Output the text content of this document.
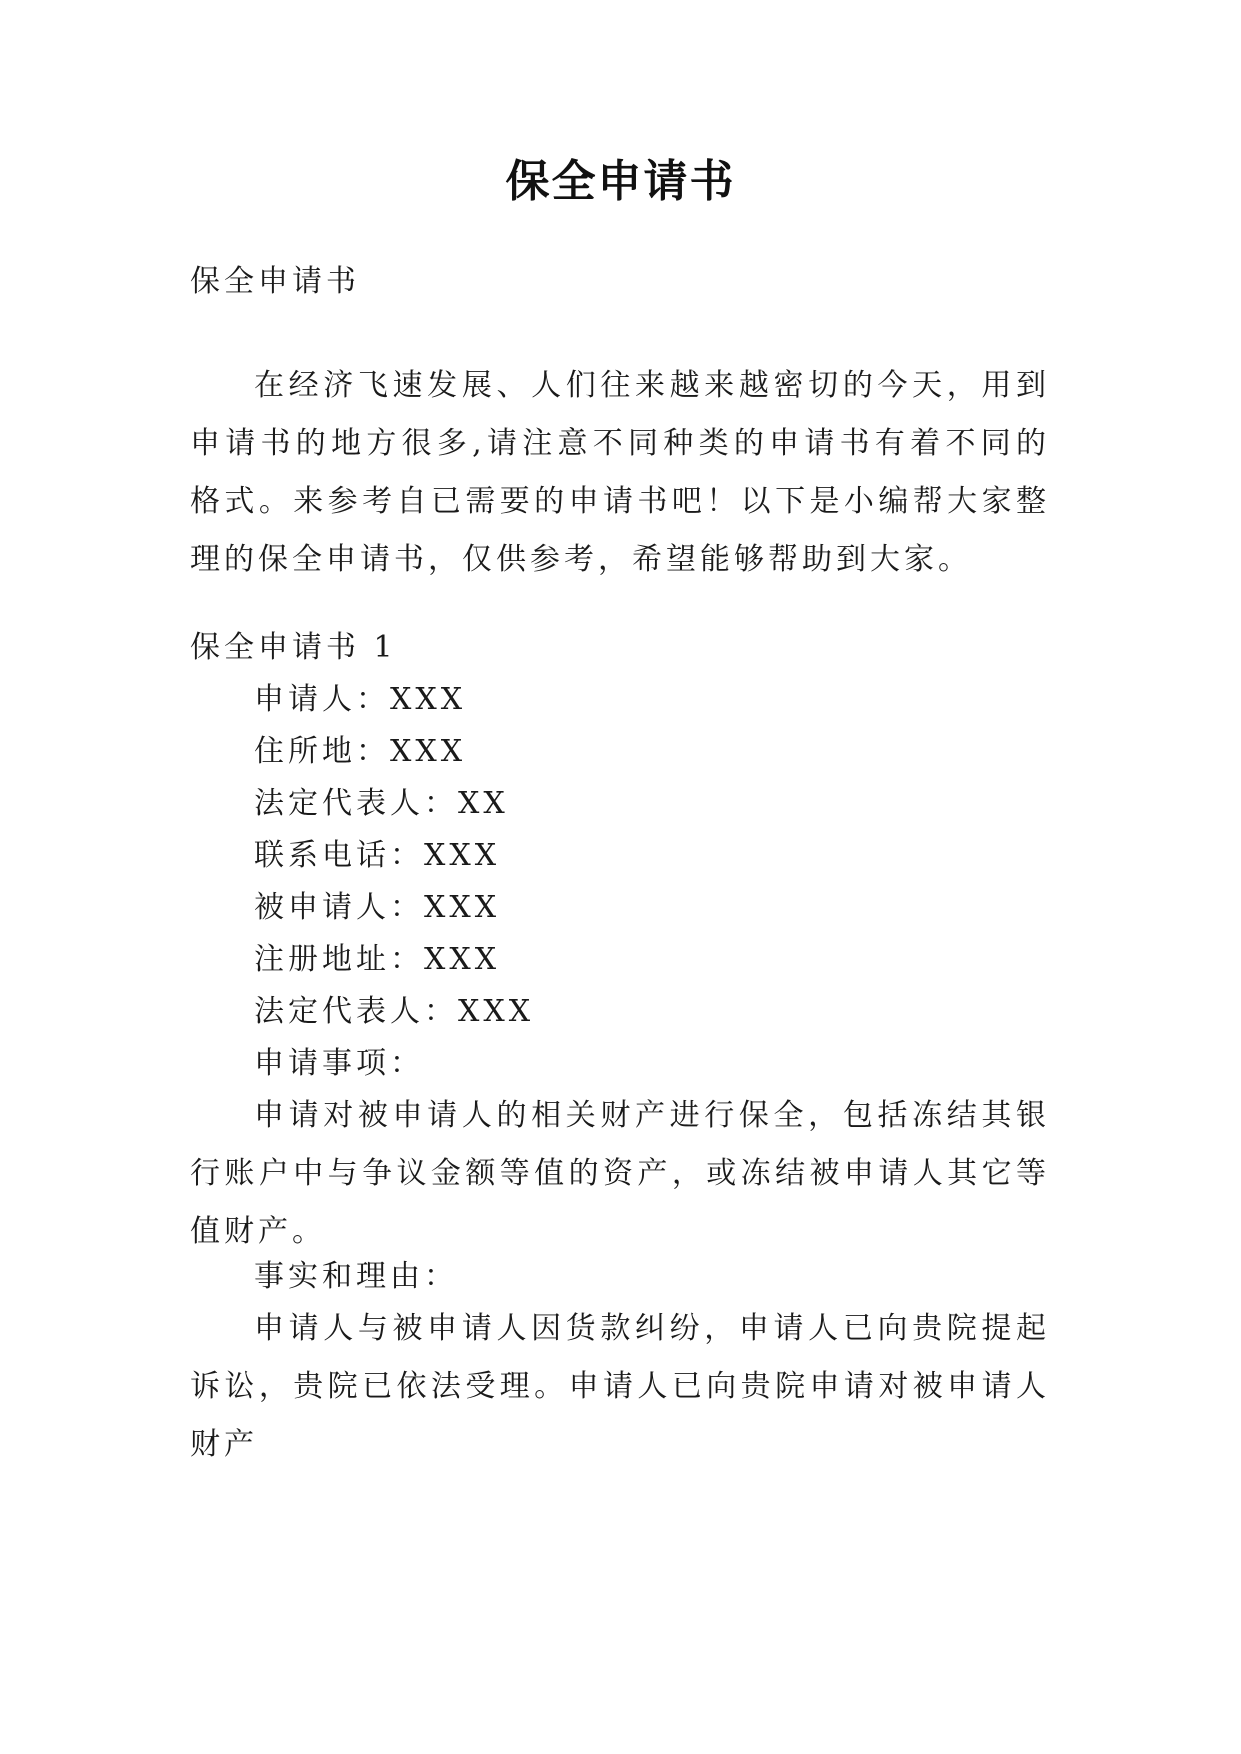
保全申请书
保全申请书
在经济飞速发展、人们往来越来越密切的今天，用到申请书的地方很多,请注意不同种类的申请书有着不同的格式。来参考自已需要的申请书吧！以下是小编帮大家整理的保全申请书，仅供参考，希望能够帮助到大家。
保全申请书 1
申请人：XXX
住所地：XXX
法定代表人：XX
联系电话：XXX
被申请人：XXX
注册地址：XXX
法定代表人：XXX
申请事项：
申请对被申请人的相关财产进行保全，包括冻结其银行账户中与争议金额等值的资产，或冻结被申请人其它等值财产。
事实和理由：
申请人与被申请人因货款纠纷，申请人已向贵院提起诉讼，贵院已依法受理。申请人已向贵院申请对被申请人财产
